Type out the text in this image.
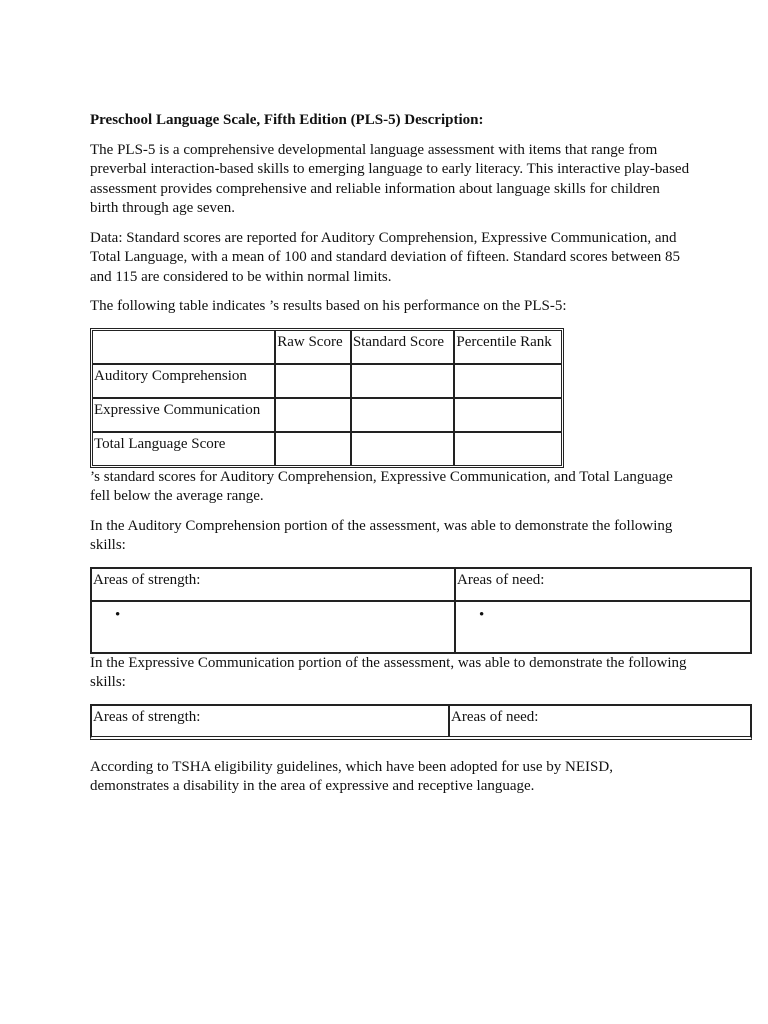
Preschool Language Scale, Fifth Edition (PLS-5) Description:

The PLS-5 is a comprehensive developmental language assessment with items that range from preverbal interaction-based skills to emerging language to early literacy. This interactive play-based assessment provides comprehensive and reliable information about language skills for children birth through age seven.

Data: Standard scores are reported for Auditory Comprehension, Expressive Communication, and Total Language, with a mean of 100 and standard deviation of fifteen. Standard scores between 85 and 115 are considered to be within normal limits.

The following table indicates ’s results based on his performance on the PLS-5:

	Raw Score	Standard Score	Percentile Rank
Auditory Comprehension			
Expressive Communication			
Total Language Score			

’s standard scores for Auditory Comprehension, Expressive Communication, and Total Language fell below the average range.

In the Auditory Comprehension portion of the assessment, was able to demonstrate the following skills:

Areas of strength:	Areas of need:
•	•

In the Expressive Communication portion of the assessment, was able to demonstrate the following skills:

Areas of strength:	Areas of need:

According to TSHA eligibility guidelines, which have been adopted for use by NEISD, demonstrates a disability in the area of expressive and receptive language.
